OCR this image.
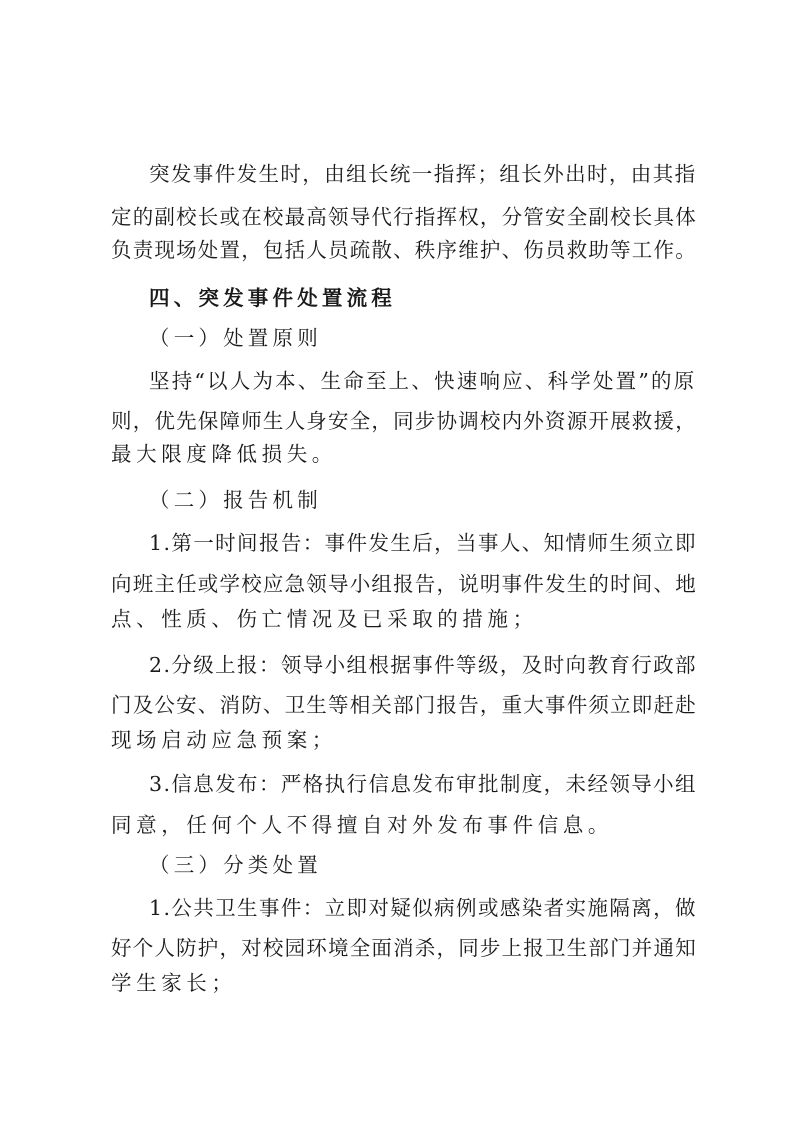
突发事件发生时，由组长统一指挥；组长外出时，由其指
定的副校长或在校最高领导代行指挥权，分管安全副校长具体
负责现场处置，包括人员疏散、秩序维护、伤员救助等工作。
四、突发事件处置流程
（一）处置原则
坚持“以人为本、生命至上、快速响应、科学处置”的原
则，优先保障师生人身安全，同步协调校内外资源开展救援，
最大限度降低损失。
（二）报告机制
1.第一时间报告：事件发生后，当事人、知情师生须立即
向班主任或学校应急领导小组报告，说明事件发生的时间、地
点、性质、伤亡情况及已采取的措施；
2.分级上报：领导小组根据事件等级，及时向教育行政部
门及公安、消防、卫生等相关部门报告，重大事件须立即赶赴
现场启动应急预案；
3.信息发布：严格执行信息发布审批制度，未经领导小组
同意，任何个人不得擅自对外发布事件信息。
（三）分类处置
1.公共卫生事件：立即对疑似病例或感染者实施隔离，做
好个人防护，对校园环境全面消杀，同步上报卫生部门并通知
学生家长；
